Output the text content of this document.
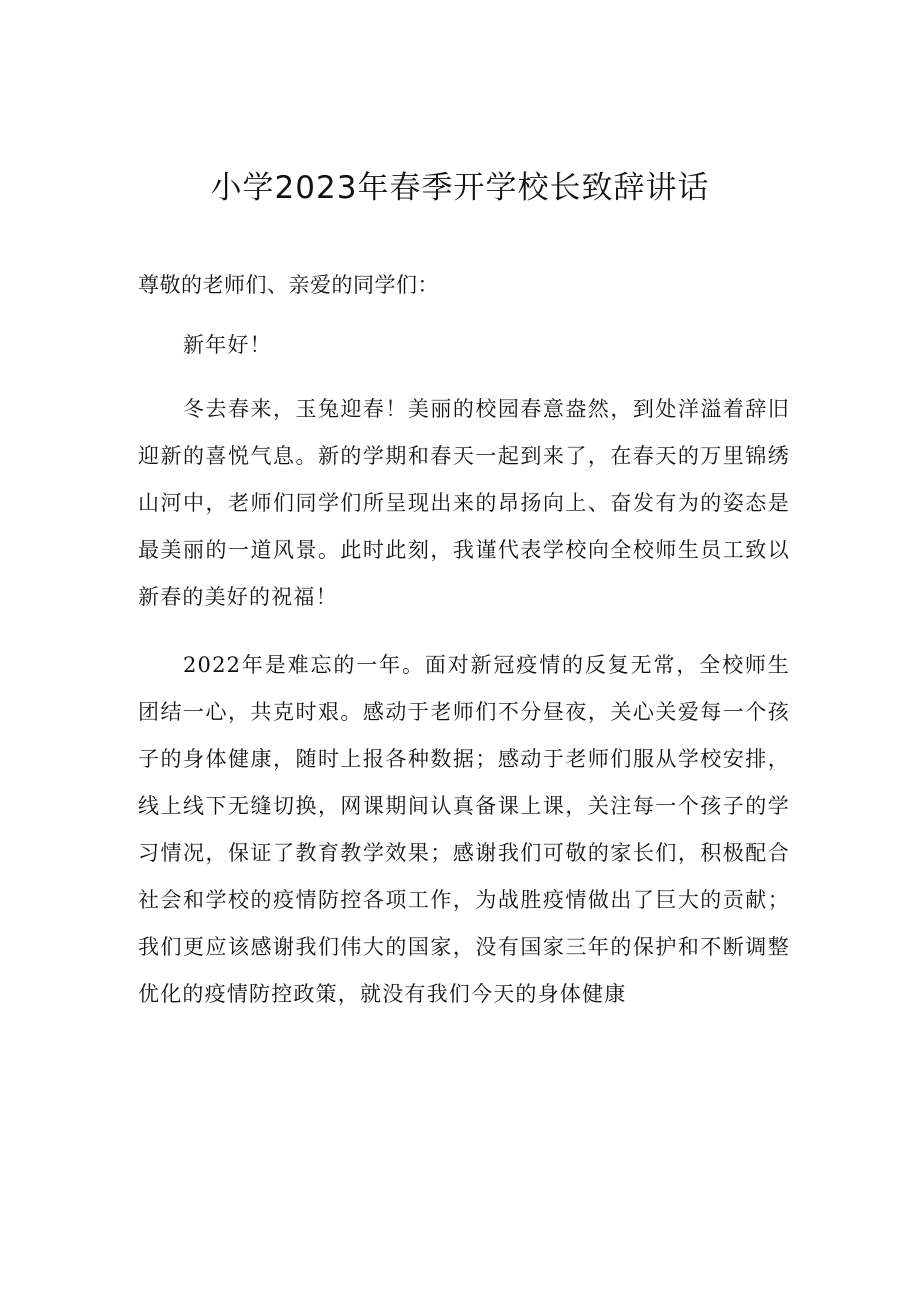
小学2023年春季开学校长致辞讲话

尊敬的老师们、亲爱的同学们：

新年好！

冬去春来，玉兔迎春！美丽的校园春意盎然，到处洋溢着辞旧迎新的喜悦气息。新的学期和春天一起到来了，在春天的万里锦绣山河中，老师们同学们所呈现出来的昂扬向上、奋发有为的姿态是最美丽的一道风景。此时此刻，我谨代表学校向全校师生员工致以新春的美好的祝福！

2022年是难忘的一年。面对新冠疫情的反复无常，全校师生团结一心，共克时艰。感动于老师们不分昼夜，关心关爱每一个孩子的身体健康，随时上报各种数据；感动于老师们服从学校安排，线上线下无缝切换，网课期间认真备课上课，关注每一个孩子的学习情况，保证了教育教学效果；感谢我们可敬的家长们，积极配合社会和学校的疫情防控各项工作，为战胜疫情做出了巨大的贡献；我们更应该感谢我们伟大的国家，没有国家三年的保护和不断调整优化的疫情防控政策，就没有我们今天的身体健康
